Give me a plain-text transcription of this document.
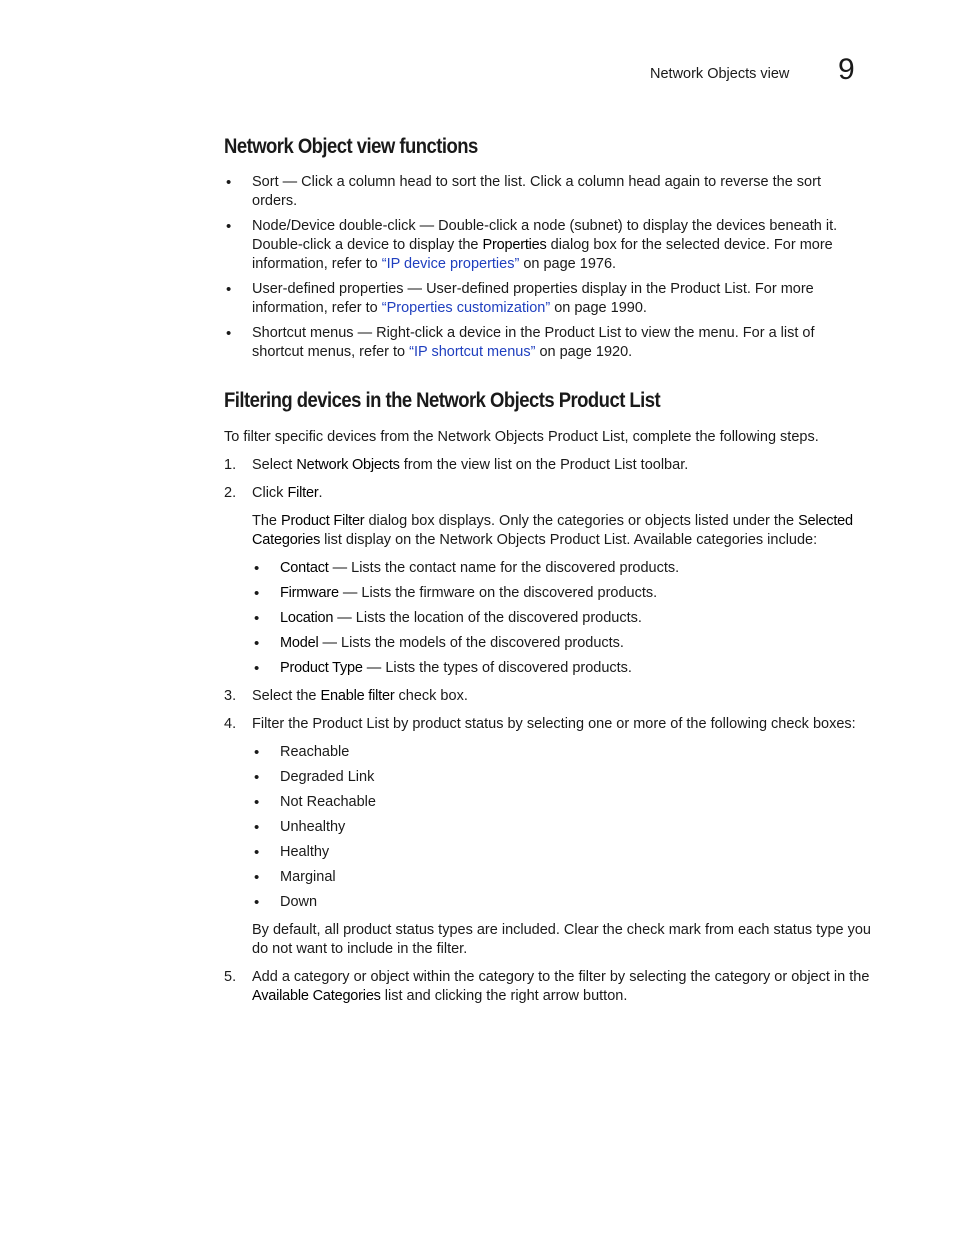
Network Objects view 9
Network Object view functions
• Sort — Click a column head to sort the list. Click a column head again to reverse the sort orders.
• Node/Device double-click — Double-click a node (subnet) to display the devices beneath it. Double-click a device to display the Properties dialog box for the selected device. For more information, refer to “IP device properties” on page 1976.
• User-defined properties — User-defined properties display in the Product List. For more information, refer to “Properties customization” on page 1990.
• Shortcut menus — Right-click a device in the Product List to view the menu. For a list of shortcut menus, refer to “IP shortcut menus” on page 1920.
Filtering devices in the Network Objects Product List

To filter specific devices from the Network Objects Product List, complete the following steps.

1.	Select Network Objects from the view list on the Product List toolbar.
2.	Click Filter.

The Product Filter dialog box displays. Only the categories or objects listed under the Selected Categories list display on the Network Objects Product List. Available categories include:

• Contact — Lists the contact name for the discovered products.
• Firmware — Lists the firmware on the discovered products.
• Location — Lists the location of the discovered products.
• Model — Lists the models of the discovered products.
• Product Type — Lists the types of discovered products.
3.	Select the Enable filter check box.
4.	Filter the Product List by product status by selecting one or more of the following check boxes:
• Reachable
• Degraded Link
• Not Reachable
• Unhealthy
• Healthy
• Marginal
• Down

By default, all product status types are included. Clear the check mark from each status type you do not want to include in the filter.

5.	Add a category or object within the category to the filter by selecting the category or object in the Available Categories list and clicking the right arrow button.
